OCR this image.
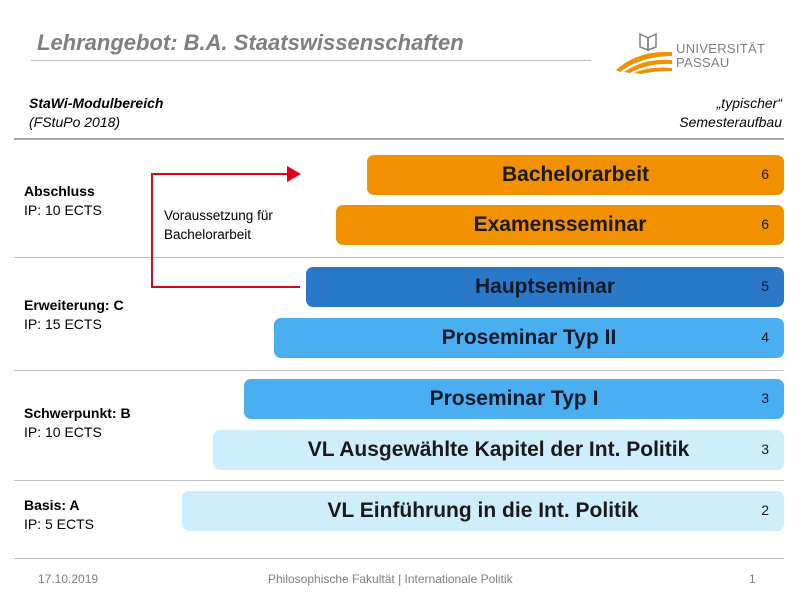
Lehrangebot: B.A. Staatswissenschaften	UNIVERSITÄT
PASSAU
StaWi-Modulbereich
(FStuPo 2018)
„typischer“
Semesteraufbau
Abschluss
IP: 10 ECTS
Erweiterung: C
IP: 15 ECTS
Schwerpunkt: B
IP: 10 ECTS
Basis: A
IP: 5 ECTS
Bachelorarbeit	6
Examensseminar	6
Hauptseminar	5
Proseminar Typ II	4
Proseminar Typ I	3
VL Ausgewählte Kapitel der Int. Politik	3
VL Einführung in die Int. Politik	2
Voraussetzung für
Bachelorarbeit
17.10.2019	Philosophische Fakultät | Internationale Politik	1
